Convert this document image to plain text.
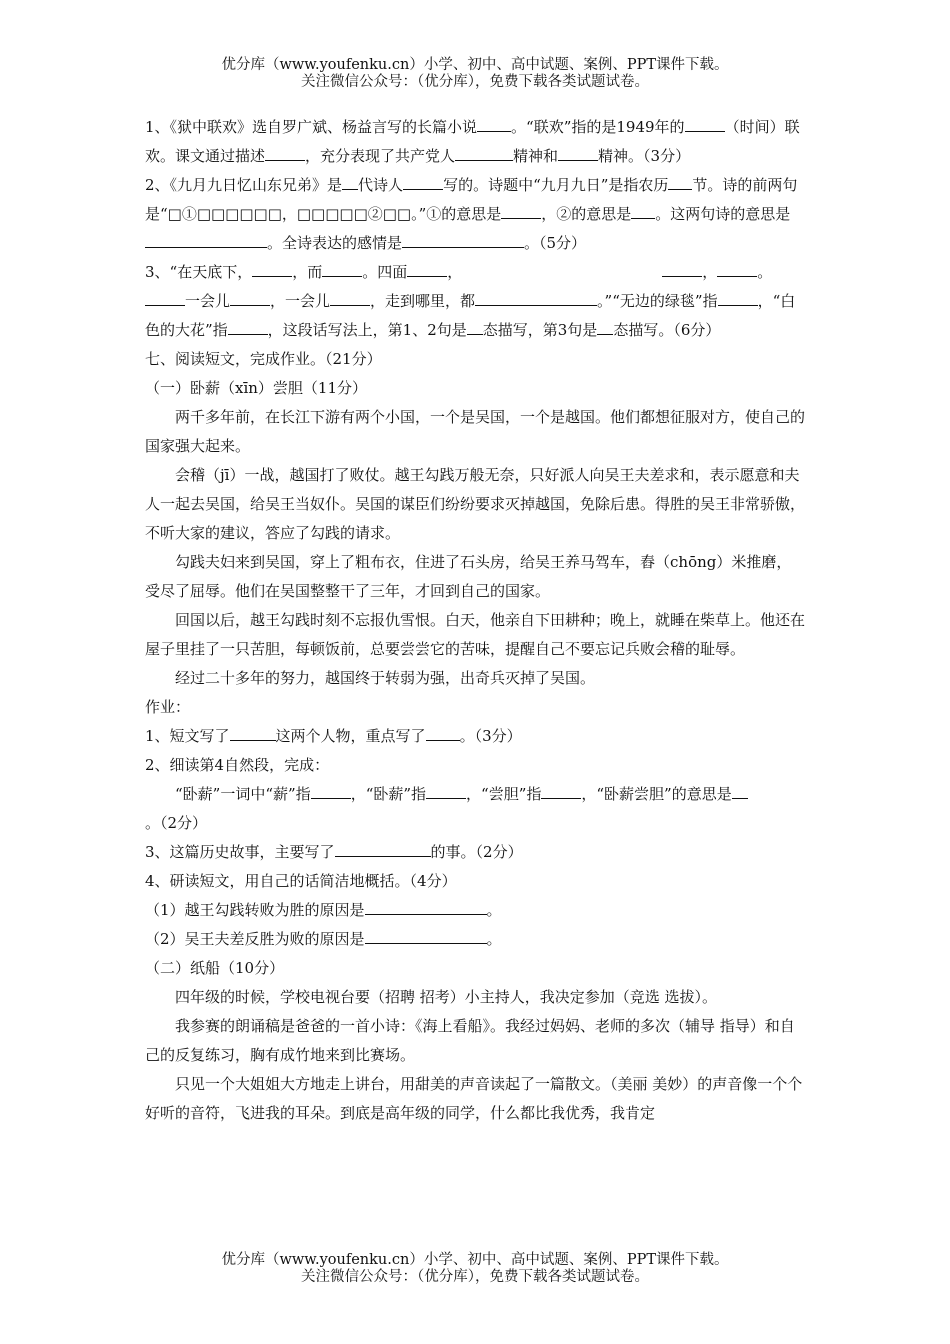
优分库（www.youfenku.cn）小学、初中、高中试题、案例、PPT课件下载。
关注微信公众号：（优分库），免费下载各类试题试卷。

1、《狱中联欢》选自罗广斌、杨益言写的长篇小说 。“联欢”指的是1949年的	（时间）联欢。课文通过描述	，充分表现了共产党人	精神和	精神。（3分）

2、《九月九日忆山东兄弟》是 代诗人	写的。诗题中“九月九日”是指农历 节。诗的前两句是“□①□□□□□□，□□□□□②□□。”①的意思是	，②的意思是 。这两句诗的意思是。全诗表达的感情是	。（5分）

3、“在天底下，	，而	。四面	，	，	。一会儿	，一会儿	，走到哪里，都	。”“无边的绿毯”指	，“白色的大花”指	，这段话写法上，第1、2句是 态描写，第3句是 态描写。（6分）

七、阅读短文，完成作业。（21分）

（一）卧薪（xīn）尝胆（11分）

两千多年前，在长江下游有两个小国，一个是吴国，一个是越国。他们都想征服对方，使自己的国家强大起来。

会稽（jī）一战，越国打了败仗。越王勾践万般无奈，只好派人向吴王夫差求和，表示愿意和夫人一起去吴国，给吴王当奴仆。吴国的谋臣们纷纷要求灭掉越国，免除后患。得胜的吴王非常骄傲，不听大家的建议，答应了勾践的请求。

勾践夫妇来到吴国，穿上了粗布衣，住进了石头房，给吴王养马驾车，舂（chōng）米推磨，受尽了屈辱。他们在吴国整整干了三年，才回到自己的国家。

回国以后，越王勾践时刻不忘报仇雪恨。白天，他亲自下田耕种；晚上，就睡在柴草上。他还在屋子里挂了一只苦胆，每顿饭前，总要尝尝它的苦味，提醒自己不要忘记兵败会稽的耻辱。

经过二十多年的努力，越国终于转弱为强，出奇兵灭掉了吴国。

作业：

1、短文写了	这两个人物，重点写了 。（3分）

2、细读第4自然段，完成：

“卧薪”一词中“薪”指	，“卧薪”指	，“尝胆”指	，“卧薪尝胆”的意思是。（2分）

3、这篇历史故事，主要写了	的事。（2分）

4、研读短文，用自己的话简洁地概括。（4分）

（1）越王勾践转败为胜的原因是	。

（2）吴王夫差反胜为败的原因是	。

（二）纸船（10分）

四年级的时候，学校电视台要（招聘 招考）小主持人，我决定参加（竞选 选拔）。

我参赛的朗诵稿是爸爸的一首小诗：《海上看船》。我经过妈妈、老师的多次（辅导 指导）和自己的反复练习，胸有成竹地来到比赛场。

只见一个大姐姐大方地走上讲台，用甜美的声音读起了一篇散文。（美丽 美妙）的声音像一个个好听的音符，飞进我的耳朵。到底是高年级的同学，什么都比我优秀，我肯定

优分库（www.youfenku.cn）小学、初中、高中试题、案例、PPT课件下载。
关注微信公众号：（优分库），免费下载各类试题试卷。
